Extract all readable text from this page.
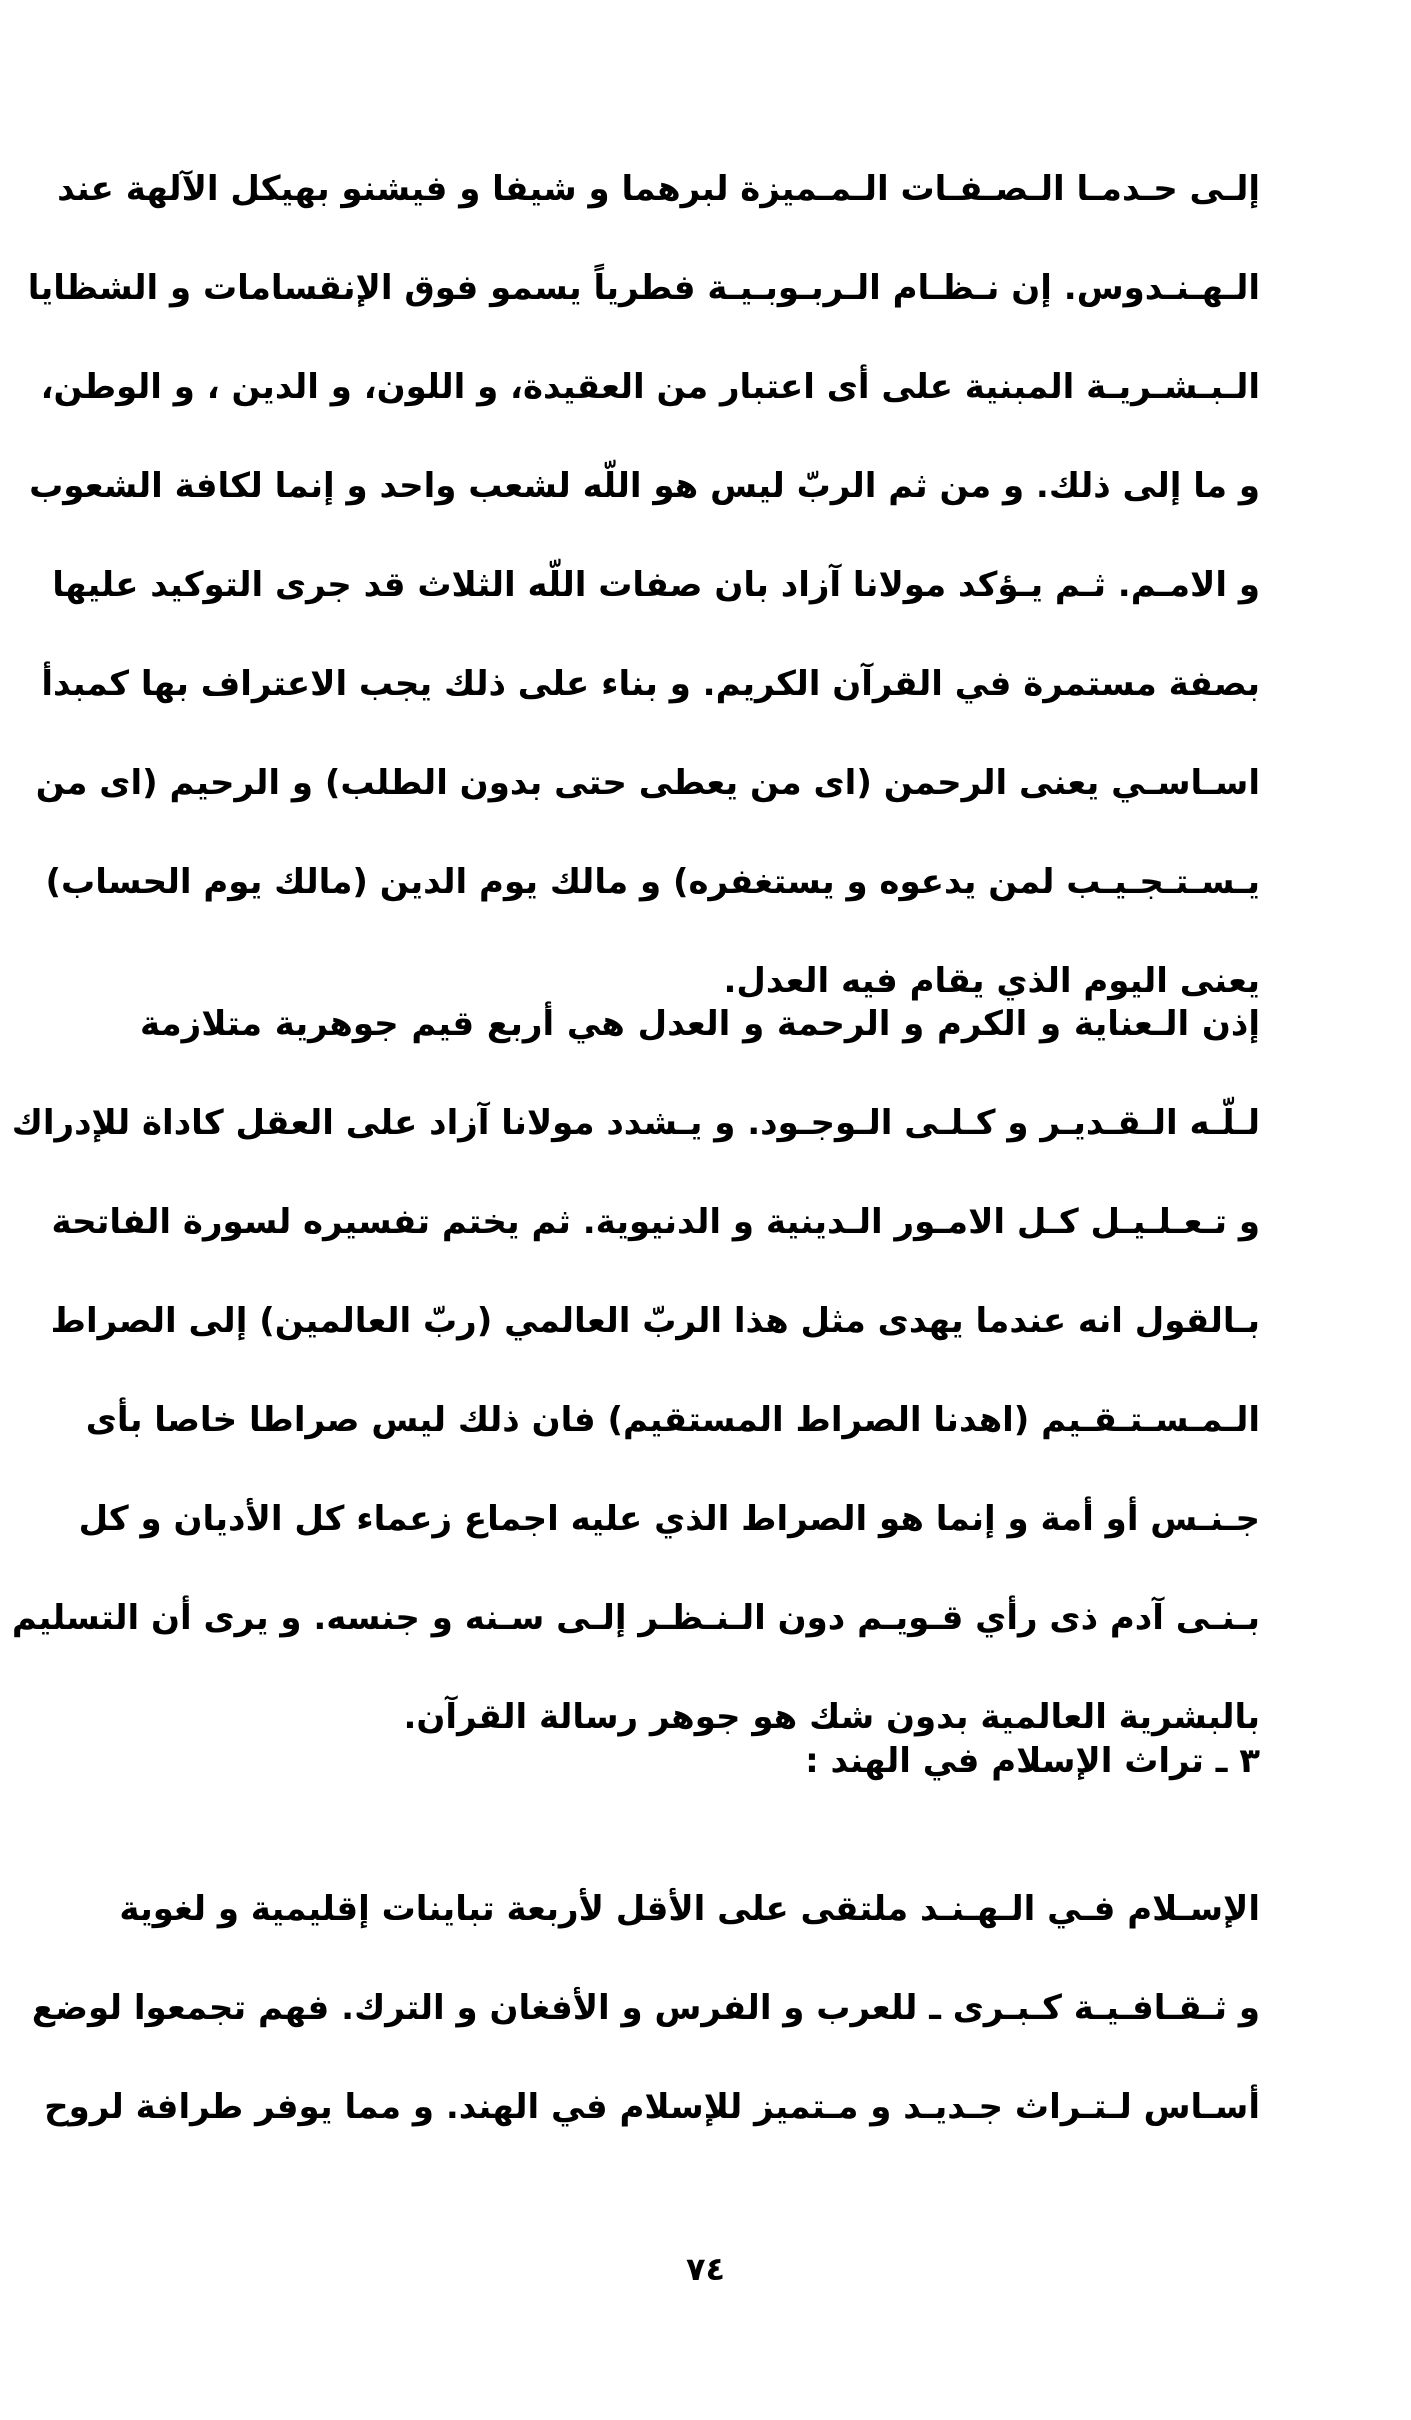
إلـى حـدمـا الـصـفـات الـمـميزة لبرهما و شيفا و فيشنو بهيكل الآلهة عند
الـهـنـدوس. إن نـظـام الـربـوبـيـة فطرياً يسمو فوق الإنقسامات و الشظايا
الـبـشـريـة المبنية على أى اعتبار من العقيدة، و اللون، و الدين ، و الوطن،
و ما إلى ذلك. و من ثم الربّ ليس هو اللّه لشعب واحد و إنما لكافة الشعوب
و الامـم. ثـم يـؤكد مولانا آزاد بان صفات اللّه الثلاث قد جرى التوكيد عليها
بصفة مستمرة في القرآن الكريم. و بناء على ذلك يجب الاعتراف بها كمبدأ
اسـاسـي يعنى الرحمن (اى من يعطى حتى بدون الطلب) و الرحيم (اى من
يـسـتـجـيـب لمن يدعوه و يستغفره) و مالك يوم الدين (مالك يوم الحساب)
يعنى اليوم الذي يقام فيه العدل.
إذن الـعناية و الكرم و الرحمة و العدل هي أربع قيم جوهرية متلازمة
لـلّـه الـقـديـر و كـلـى الـوجـود. و يـشدد مولانا آزاد على العقل كاداة للإدراك
و تـعـلـيـل كـل الامـور الـدينية و الدنيوية. ثم يختم تفسيره لسورة الفاتحة
بـالقول انه عندما يهدى مثل هذا الربّ العالمي (ربّ العالمين) إلى الصراط
الـمـسـتـقـيم (اهدنا الصراط المستقيم) فان ذلك ليس صراطا خاصا بأى
جـنـس أو أمة و إنما هو الصراط الذي عليه اجماع زعماء كل الأديان و كل
بـنـى آدم ذى رأي قـويـم دون الـنـظـر إلـى سـنه و جنسه. و يرى أن التسليم
بالبشرية العالمية بدون شك هو جوهر رسالة القرآن.
٣ ـ تراث الإسلام في الهند :
الإسـلام فـي الـهـنـد ملتقى على الأقل لأربعة تباينات إقليمية و لغوية
و ثـقـافـيـة كـبـرى ـ للعرب و الفرس و الأفغان و الترك. فهم تجمعوا لوضع
أسـاس لـتـراث جـديـد و مـتميز للإسلام في الهند. و مما يوفر طرافة لروح
٧٤
